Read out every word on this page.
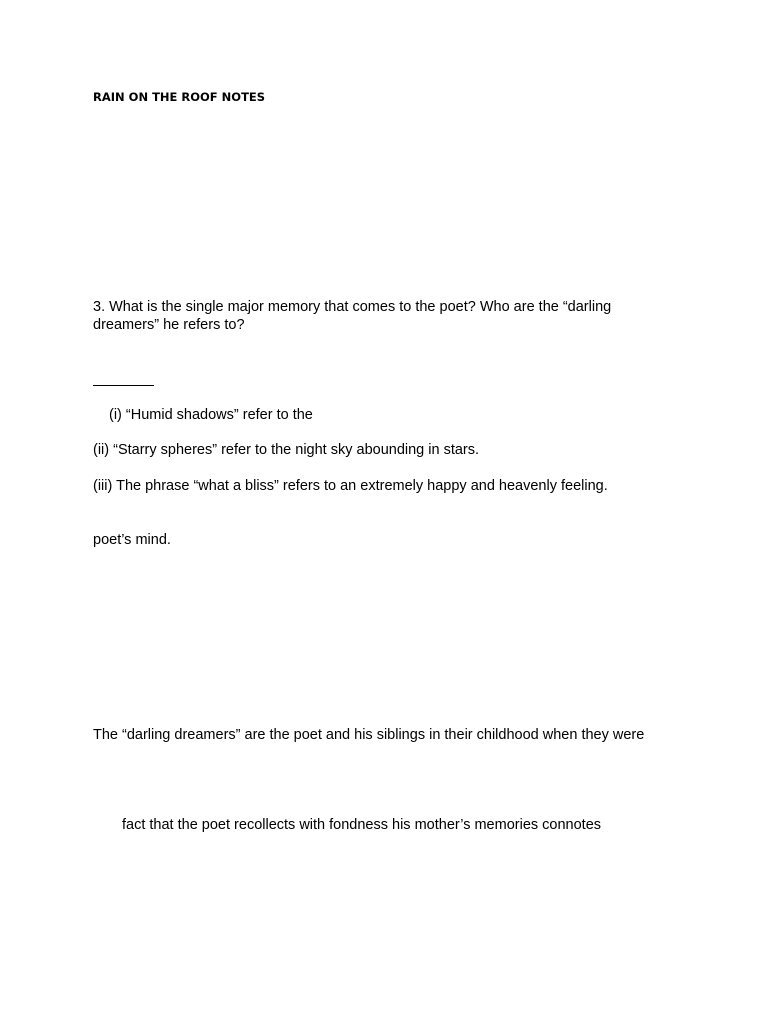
RAIN ON THE ROOF NOTES
3. What is the single major memory that comes to the poet? Who are the “darling
dreamers” he refers to?
(i) “Humid shadows” refer to the
(ii) “Starry spheres” refer to the night sky abounding in stars.
(iii) The phrase “what a bliss” refers to an extremely happy and heavenly feeling.
poet’s mind.
The “darling dreamers” are the poet and his siblings in their childhood when they were
fact that the poet recollects with fondness his mother’s memories connotes
